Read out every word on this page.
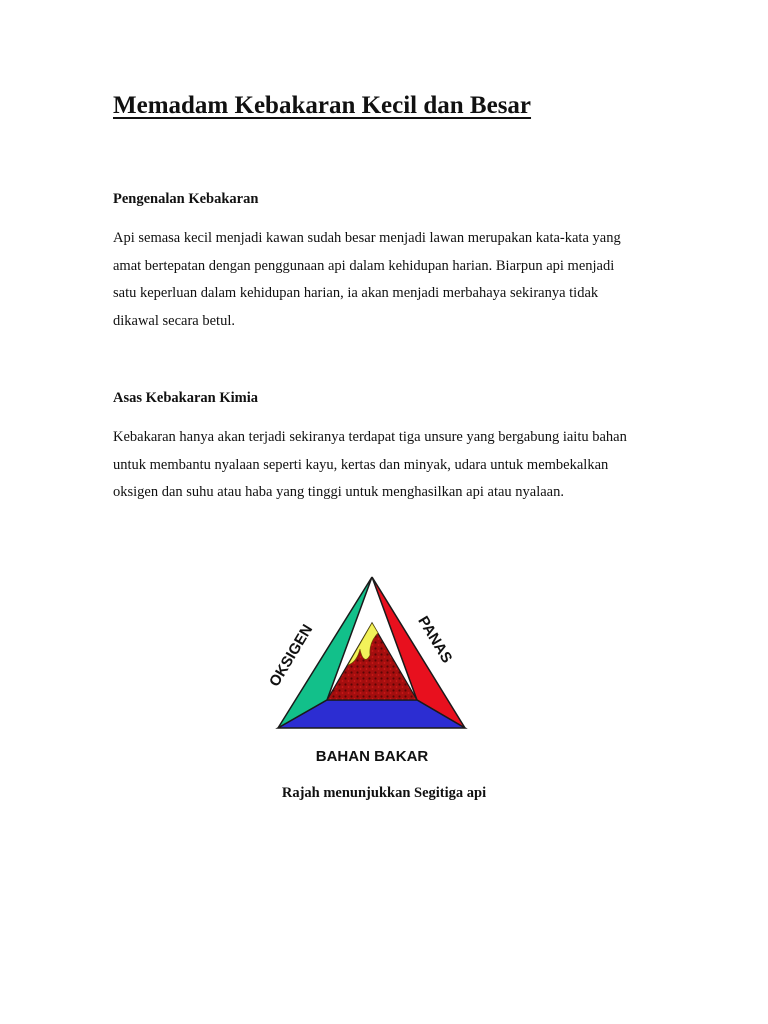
Memadam Kebakaran Kecil dan Besar
Pengenalan Kebakaran

Api semasa kecil menjadi kawan sudah besar menjadi lawan merupakan kata-kata yang
amat bertepatan dengan penggunaan api dalam kehidupan harian. Biarpun api menjadi
satu keperluan dalam kehidupan harian, ia akan menjadi merbahaya sekiranya tidak
dikawal secara betul.

Asas Kebakaran Kimia

Kebakaran hanya akan terjadi sekiranya terdapat tiga unsure yang bergabung iaitu bahan
untuk membantu nyalaan seperti kayu, kertas dan minyak, udara untuk membekalkan
oksigen dan suhu atau haba yang tinggi untuk menghasilkan api atau nyalaan.

OKSIGEN	PANAS
BAHAN BAKAR

Rajah menunjukkan Segitiga api
